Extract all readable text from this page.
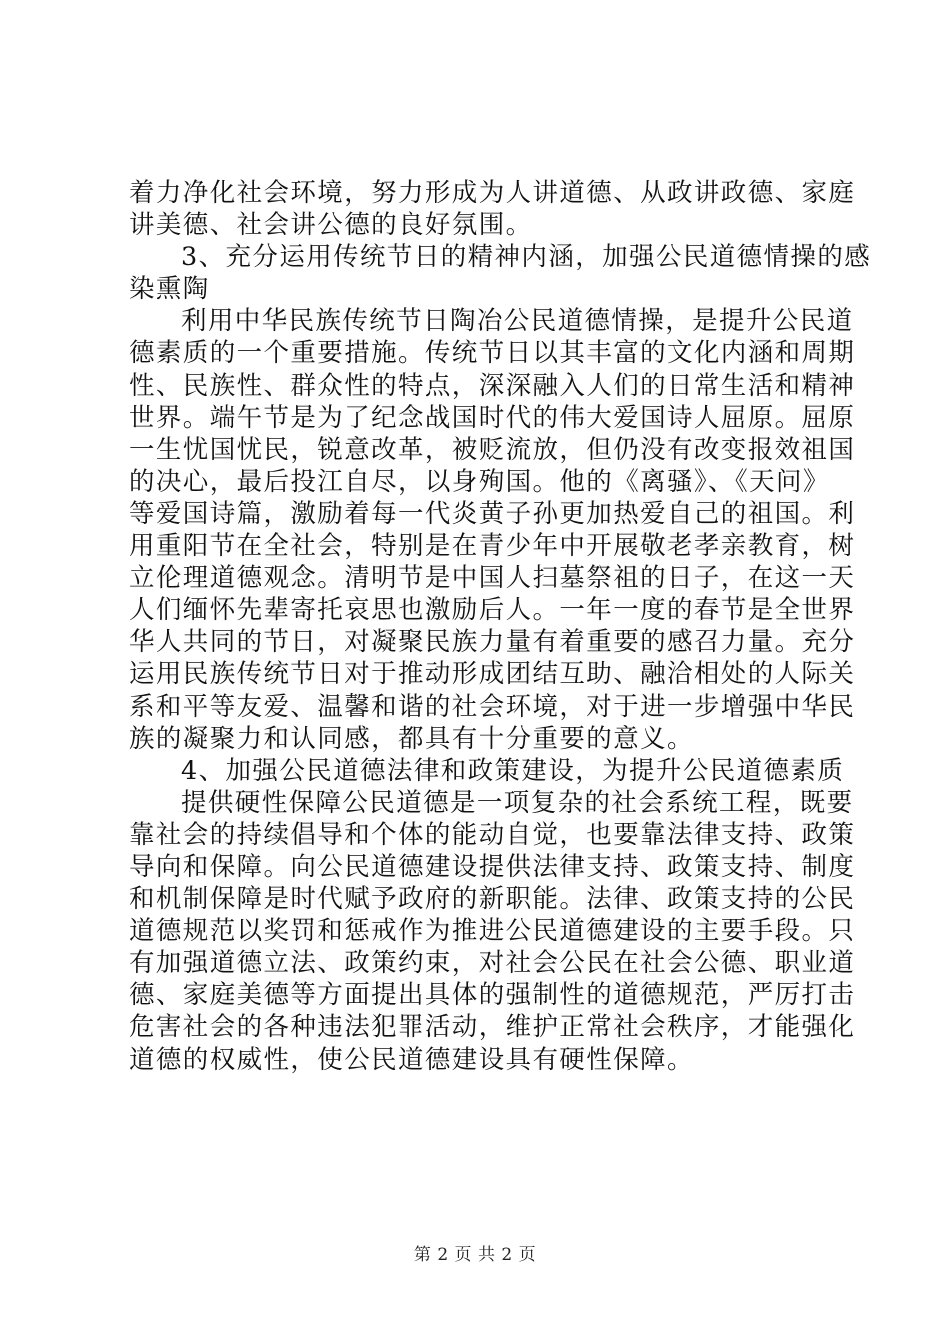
着力净化社会环境，努力形成为人讲道德、从政讲政德、家庭
讲美德、社会讲公德的良好氛围。
3、充分运用传统节日的精神内涵，加强公民道德情操的感
染熏陶
利用中华民族传统节日陶冶公民道德情操，是提升公民道
德素质的一个重要措施。传统节日以其丰富的文化内涵和周期
性、民族性、群众性的特点，深深融入人们的日常生活和精神
世界。端午节是为了纪念战国时代的伟大爱国诗人屈原。屈原
一生忧国忧民，锐意改革，被贬流放，但仍没有改变报效祖国
的决心，最后投江自尽，以身殉国。他的《离骚》、《天问》
等爱国诗篇，激励着每一代炎黄子孙更加热爱自己的祖国。利
用重阳节在全社会，特别是在青少年中开展敬老孝亲教育，树
立伦理道德观念。清明节是中国人扫墓祭祖的日子，在这一天
人们缅怀先辈寄托哀思也激励后人。一年一度的春节是全世界
华人共同的节日，对凝聚民族力量有着重要的感召力量。充分
运用民族传统节日对于推动形成团结互助、融洽相处的人际关
系和平等友爱、温馨和谐的社会环境，对于进一步增强中华民
族的凝聚力和认同感，都具有十分重要的意义。
4、加强公民道德法律和政策建设，为提升公民道德素质
提供硬性保障公民道德是一项复杂的社会系统工程，既要
靠社会的持续倡导和个体的能动自觉，也要靠法律支持、政策
导向和保障。向公民道德建设提供法律支持、政策支持、制度
和机制保障是时代赋予政府的新职能。法律、政策支持的公民
道德规范以奖罚和惩戒作为推进公民道德建设的主要手段。只
有加强道德立法、政策约束，对社会公民在社会公德、职业道
德、家庭美德等方面提出具体的强制性的道德规范，严厉打击
危害社会的各种违法犯罪活动，维护正常社会秩序，才能强化
道德的权威性，使公民道德建设具有硬性保障。
第 2 页 共 2 页
